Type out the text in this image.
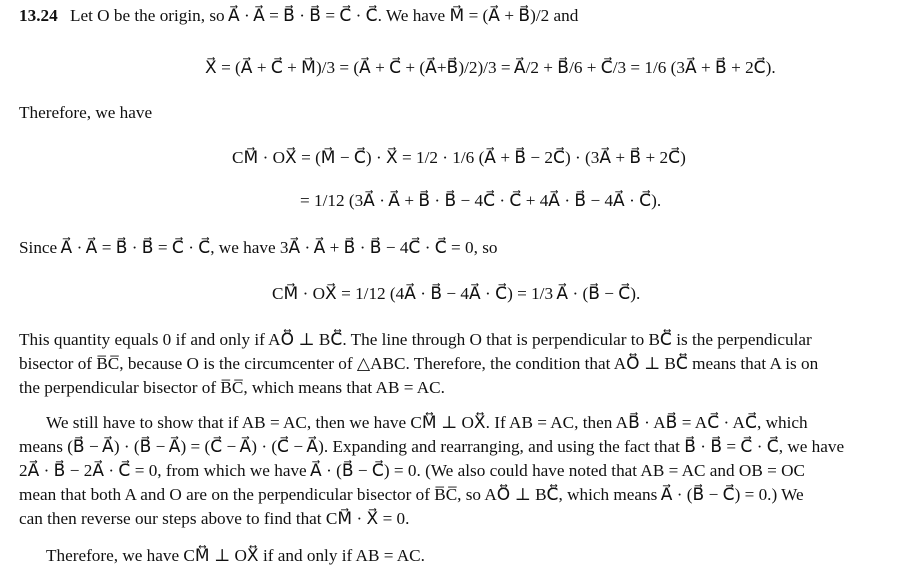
13.24 Let O be the origin, so A⃗ · A⃗ = B⃗ · B⃗ = C⃗ · C⃗. We have M⃗ = (A⃗ + B⃗)/2 and
X⃗ = (A⃗ + C⃗ + M⃗)/3 = (A⃗ + C⃗ + (A⃗+B⃗)/2)/3 = A⃗/2 + B⃗/6 + C⃗/3 = 1/6 (3A⃗ + B⃗ + 2C⃗).
Therefore, we have
CM⃗ · OX⃗ = (M⃗ − C⃗) · X⃗ = 1/2 · 1/6 (A⃗ + B⃗ − 2C⃗) · (3A⃗ + B⃗ + 2C⃗)
= 1/12 (3A⃗ · A⃗ + B⃗ · B⃗ − 4C⃗ · C⃗ + 4A⃗ · B⃗ − 4A⃗ · C⃗).
Since A⃗ · A⃗ = B⃗ · B⃗ = C⃗ · C⃗, we have 3A⃗ · A⃗ + B⃗ · B⃗ − 4C⃗ · C⃗ = 0, so
CM⃗ · OX⃗ = 1/12 (4A⃗ · B⃗ − 4A⃗ · C⃗) = 1/3 A⃗ · (B⃗ − C⃗).
This quantity equals 0 if and only if AO⃡ ⊥ BC⃡. The line through O that is perpendicular to BC⃡ is the perpendicular
bisector of B̅C̅, because O is the circumcenter of △ABC. Therefore, the condition that AO⃡ ⊥ BC⃡ means that A is on
the perpendicular bisector of B̅C̅, which means that AB = AC.
We still have to show that if AB = AC, then we have CM⃡ ⊥ OX⃡. If AB = AC, then AB⃗ · AB⃗ = AC⃗ · AC⃗, which
means (B⃗ − A⃗) · (B⃗ − A⃗) = (C⃗ − A⃗) · (C⃗ − A⃗). Expanding and rearranging, and using the fact that B⃗ · B⃗ = C⃗ · C⃗, we have
2A⃗ · B⃗ − 2A⃗ · C⃗ = 0, from which we have A⃗ · (B⃗ − C⃗) = 0. (We also could have noted that AB = AC and OB = OC
mean that both A and O are on the perpendicular bisector of B̅C̅, so AO⃡ ⊥ BC⃡, which means A⃗ · (B⃗ − C⃗) = 0.) We
can then reverse our steps above to find that CM⃗ · X⃗ = 0.
Therefore, we have CM⃡ ⊥ OX⃡ if and only if AB = AC.
